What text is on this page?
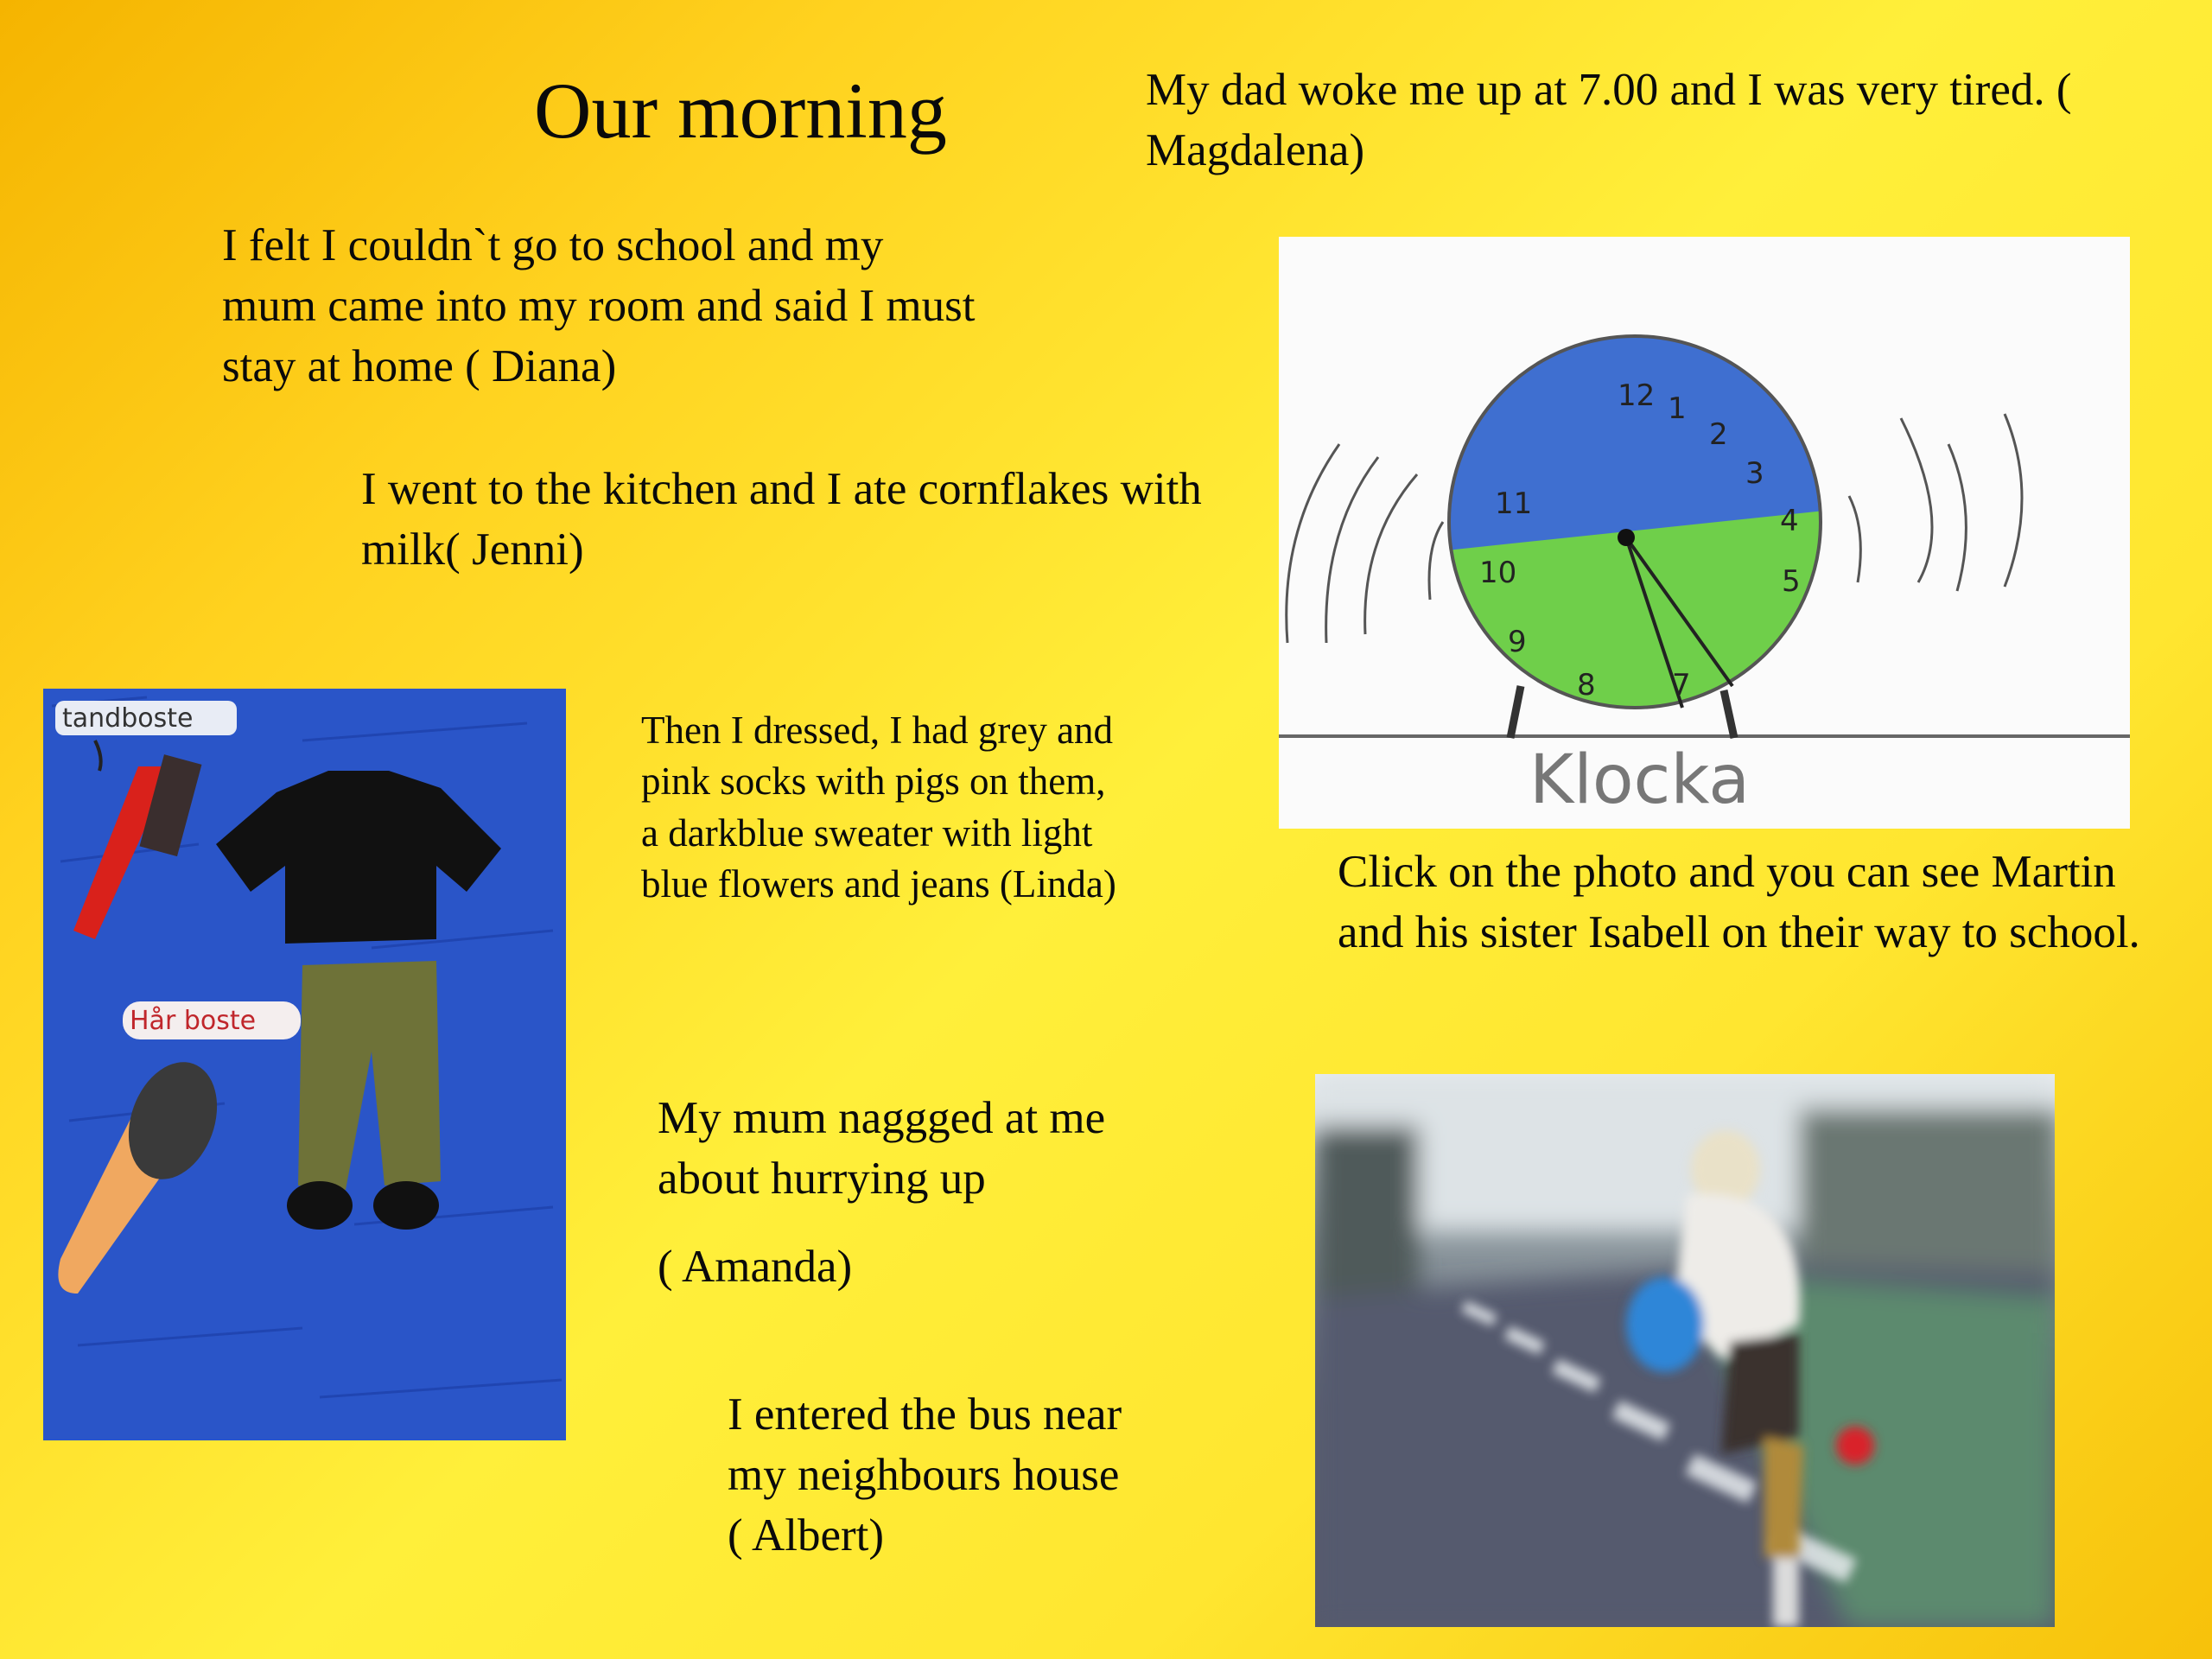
Our morning	My dad woke me up at 7.00 and I was very tired. ( Magdalena)
I felt I couldn`t go to school and my mum came into my room and said I must stay at home ( Diana)
I went to the kitchen and I ate cornflakes with milk( Jenni)
Then I dressed, I had grey and pink socks with pigs on them, a darkblue sweater with light blue flowers and jeans (Linda)
My mum naggged at me about hurrying up
( Amanda)
I entered the bus near my neighbours house ( Albert)
Click on the photo and you can see Martin and his sister Isabell on their way to school.
12 1
2
3
4
5
7
8
9
10
11
Klocka
tandboste
Hår boste
